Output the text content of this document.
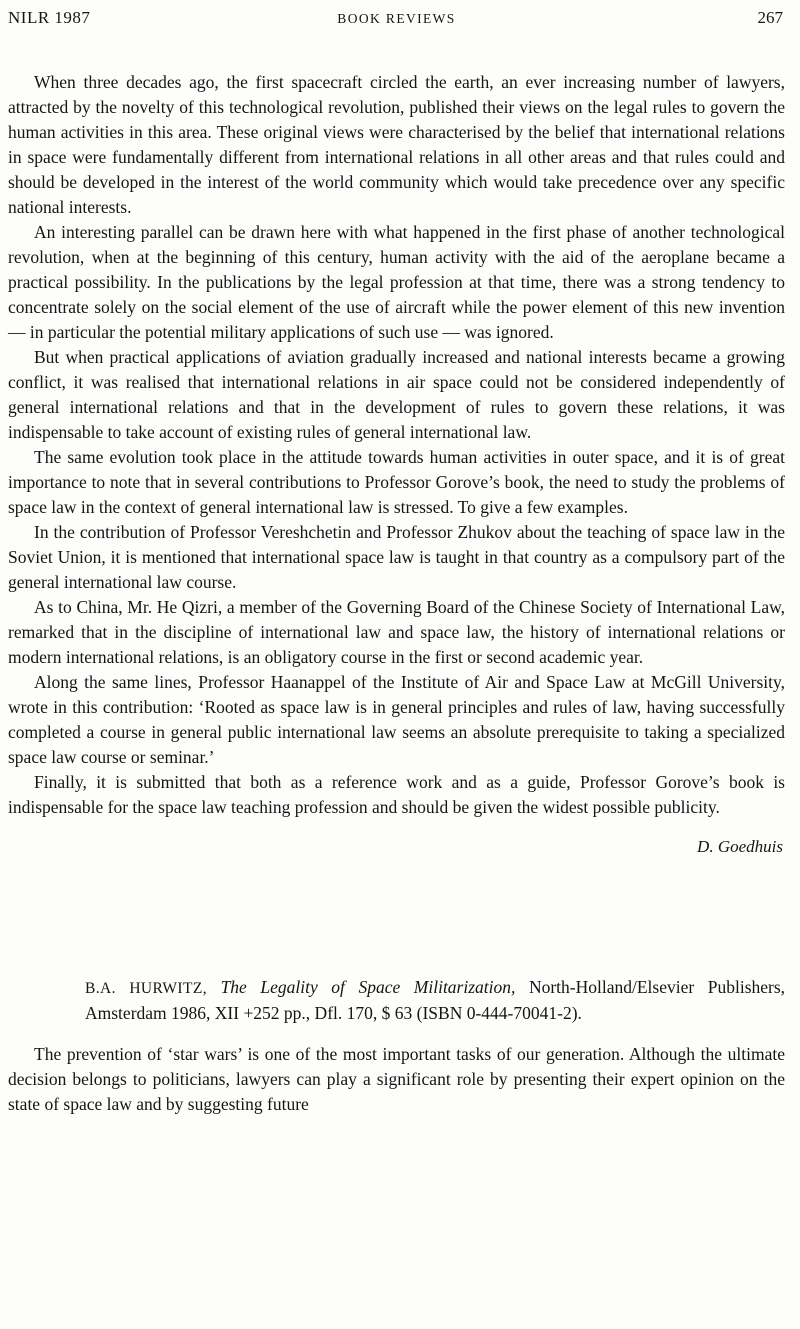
NILR 1987	BOOK REVIEWS	267

When three decades ago, the first spacecraft circled the earth, an ever increasing number of lawyers, attracted by the novelty of this technological revolution, published their views on the legal rules to govern the human activities in this area. These original views were characterised by the belief that international relations in space were fundamentally different from international relations in all other areas and that rules could and should be developed in the interest of the world community which would take precedence over any specific national interests.

An interesting parallel can be drawn here with what happened in the first phase of another technological revolution, when at the beginning of this century, human activity with the aid of the aeroplane became a practical possibility. In the publications by the legal profession at that time, there was a strong tendency to concentrate solely on the social element of the use of aircraft while the power element of this new invention — in particular the potential military applications of such use — was ignored.

But when practical applications of aviation gradually increased and national interests became a growing conflict, it was realised that international relations in air space could not be considered independently of general international relations and that in the development of rules to govern these relations, it was indispensable to take account of existing rules of general international law.

The same evolution took place in the attitude towards human activities in outer space, and it is of great importance to note that in several contributions to Professor Gorove’s book, the need to study the problems of space law in the context of general international law is stressed. To give a few examples.

In the contribution of Professor Vereshchetin and Professor Zhukov about the teaching of space law in the Soviet Union, it is mentioned that international space law is taught in that country as a compulsory part of the general international law course.

As to China, Mr. He Qizri, a member of the Governing Board of the Chinese Society of International Law, remarked that in the discipline of international law and space law, the history of international relations or modern international relations, is an obligatory course in the first or second academic year.

Along the same lines, Professor Haanappel of the Institute of Air and Space Law at McGill University, wrote in this contribution: ‘Rooted as space law is in general principles and rules of law, having successfully completed a course in general public international law seems an absolute prerequisite to taking a specialized space law course or seminar.’

Finally, it is submitted that both as a reference work and as a guide, Professor Gorove’s book is indispensable for the space law teaching profession and should be given the widest possible publicity.

D. Goedhuis

B.A. HURWITZ, The Legality of Space Militarization, North-Holland/Elsevier Publishers, Amsterdam 1986, XII +252 pp., Dfl. 170, $ 63 (ISBN 0-444-70041-2).

The prevention of ‘star wars’ is one of the most important tasks of our generation. Although the ultimate decision belongs to politicians, lawyers can play a significant role by presenting their expert opinion on the state of space law and by suggesting future
